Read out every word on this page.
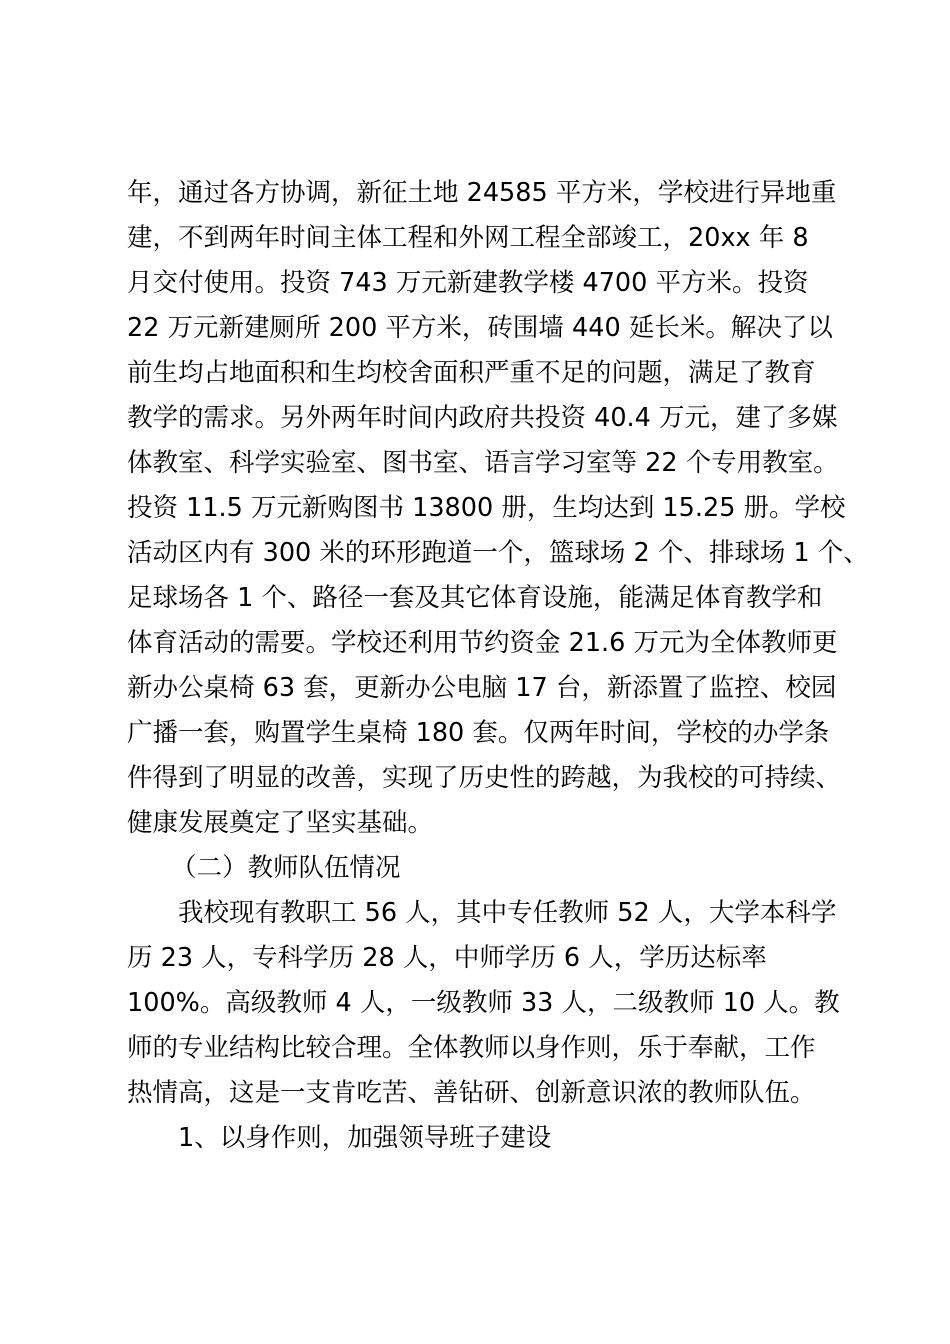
年，通过各方协调，新征土地 24585 平方米，学校进行异地重
建，不到两年时间主体工程和外网工程全部竣工，20xx 年 8
月交付使用。投资 743 万元新建教学楼 4700 平方米。投资
22 万元新建厕所 200 平方米，砖围墙 440 延长米。解决了以
前生均占地面积和生均校舍面积严重不足的问题，满足了教育
教学的需求。另外两年时间内政府共投资 40.4 万元，建了多媒
体教室、科学实验室、图书室、语言学习室等 22 个专用教室。
投资 11.5 万元新购图书 13800 册，生均达到 15.25 册。学校
活动区内有 300 米的环形跑道一个，篮球场 2 个、排球场 1 个、
足球场各 1 个、路径一套及其它体育设施，能满足体育教学和
体育活动的需要。学校还利用节约资金 21.6 万元为全体教师更
新办公桌椅 63 套，更新办公电脑 17 台，新添置了监控、校园
广播一套，购置学生桌椅 180 套。仅两年时间，学校的办学条
件得到了明显的改善，实现了历史性的跨越，为我校的可持续、
健康发展奠定了坚实基础。
（二）教师队伍情况
我校现有教职工 56 人，其中专任教师 52 人，大学本科学
历 23 人，专科学历 28 人，中师学历 6 人，学历达标率
100%。高级教师 4 人，一级教师 33 人，二级教师 10 人。教
师的专业结构比较合理。全体教师以身作则，乐于奉献，工作
热情高，这是一支肯吃苦、善钻研、创新意识浓的教师队伍。
1、以身作则，加强领导班子建设
